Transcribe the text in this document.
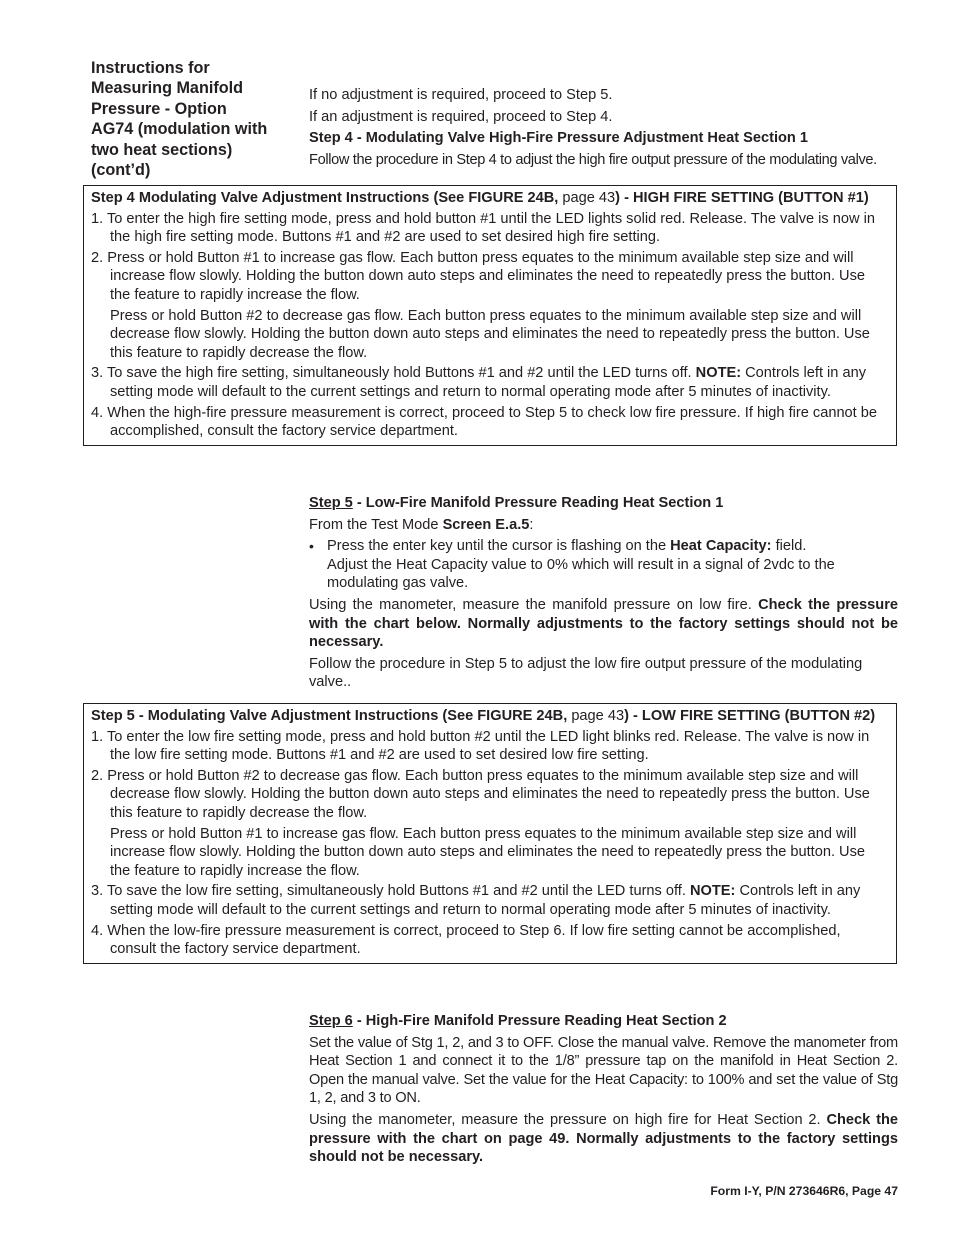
Instructions for Measuring Manifold Pressure - Option AG74 (modulation with two heat sections) (cont’d)

If no adjustment is required, proceed to Step 5.

If an adjustment is required, proceed to Step 4.

Step 4 - Modulating Valve High-Fire Pressure Adjustment Heat Section 1

Follow the procedure in Step 4 to adjust the high fire output pressure of the modulating valve.

Step 4 Modulating Valve Adjustment Instructions (See FIGURE 24B, page 43) - HIGH FIRE SETTING (BUTTON #1)

1. To enter the high fire setting mode, press and hold button #1 until the LED lights solid red. Release. The valve is now in the high fire setting mode. Buttons #1 and #2 are used to set desired high fire setting.

2. Press or hold Button #1 to increase gas flow. Each button press equates to the minimum available step size and will increase flow slowly. Holding the button down auto steps and eliminates the need to repeatedly press the button. Use the feature to rapidly increase the flow.

Press or hold Button #2 to decrease gas flow. Each button press equates to the minimum available step size and will decrease flow slowly. Holding the button down auto steps and eliminates the need to repeatedly press the button. Use this feature to rapidly decrease the flow.

3. To save the high fire setting, simultaneously hold Buttons #1 and #2 until the LED turns off. NOTE: Controls left in any setting mode will default to the current settings and return to normal operating mode after 5 minutes of inactivity.

4. When the high-fire pressure measurement is correct, proceed to Step 5 to check low fire pressure. If high fire cannot be accomplished, consult the factory service department.

Step 5 - Low-Fire Manifold Pressure Reading Heat Section 1

From the Test Mode Screen E.a.5:

• Press the enter key until the cursor is flashing on the Heat Capacity: field.
Adjust the Heat Capacity value to 0% which will result in a signal of 2vdc to the modulating gas valve.

Using the manometer, measure the manifold pressure on low fire. Check the pressure with the chart below. Normally adjustments to the factory settings should not be necessary.

Follow the procedure in Step 5 to adjust the low fire output pressure of the modulating valve..

Step 5 - Modulating Valve Adjustment Instructions (See FIGURE 24B, page 43) - LOW FIRE SETTING (BUTTON #2)

1. To enter the low fire setting mode, press and hold button #2 until the LED light blinks red. Release. The valve is now in the low fire setting mode. Buttons #1 and #2 are used to set desired low fire setting.

2. Press or hold Button #2 to decrease gas flow. Each button press equates to the minimum available step size and will decrease flow slowly. Holding the button down auto steps and eliminates the need to repeatedly press the button. Use this feature to rapidly decrease the flow.

Press or hold Button #1 to increase gas flow. Each button press equates to the minimum available step size and will increase flow slowly. Holding the button down auto steps and eliminates the need to repeatedly press the button. Use the feature to rapidly increase the flow.

3. To save the low fire setting, simultaneously hold Buttons #1 and #2 until the LED turns off. NOTE: Controls left in any setting mode will default to the current settings and return to normal operating mode after 5 minutes of inactivity.

4. When the low-fire pressure measurement is correct, proceed to Step 6. If low fire setting cannot be accomplished, consult the factory service department.

Step 6 - High-Fire Manifold Pressure Reading Heat Section 2

Set the value of Stg 1, 2, and 3 to OFF. Close the manual valve. Remove the manometer from Heat Section 1 and connect it to the 1/8” pressure tap on the manifold in Heat Section 2. Open the manual valve. Set the value for the Heat Capacity: to 100% and set the value of Stg 1, 2, and 3 to ON.

Using the manometer, measure the pressure on high fire for Heat Section 2. Check the pressure with the chart on page 49. Normally adjustments to the factory settings should not be necessary.

Form I-Y, P/N 273646R6, Page 47
